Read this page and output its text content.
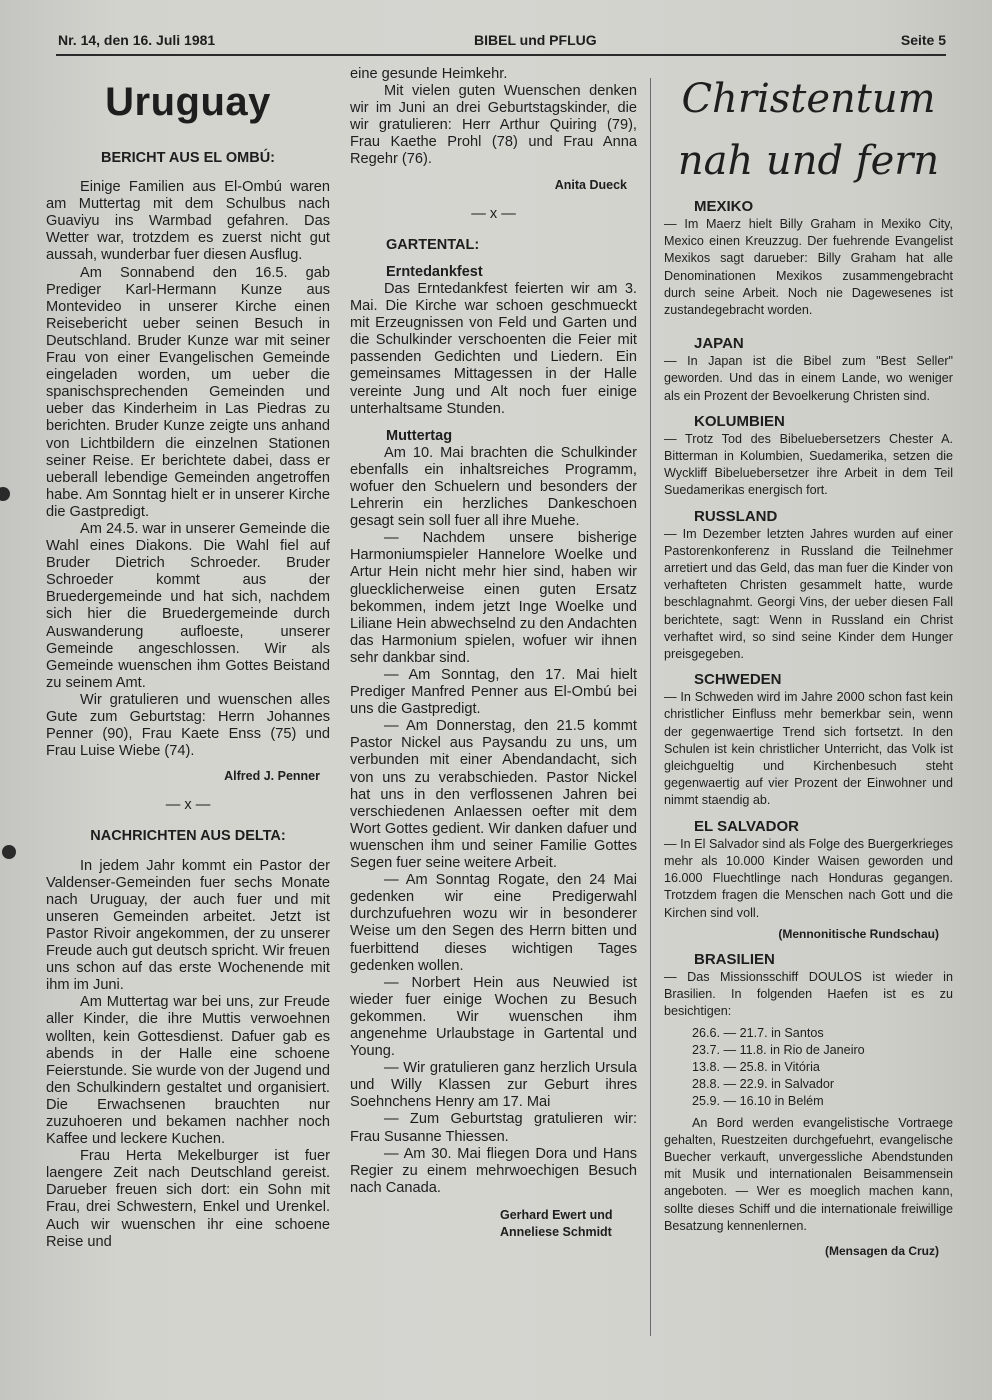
Nr. 14, den 16. Juli 1981	BIBEL und PFLUG	Seite 5
Uruguay
BERICHT AUS EL OMBÚ:

Einige Familien aus El-Ombú waren am Muttertag mit dem Schulbus nach Guaviyu ins Warmbad gefahren. Das Wetter war, trotzdem es zuerst nicht gut aussah, wunderbar fuer diesen Ausflug.

Am Sonnabend den 16.5. gab Prediger Karl-Hermann Kunze aus Montevideo in unserer Kirche einen Reisebericht ueber seinen Besuch in Deutschland. Bruder Kunze war mit seiner Frau von einer Evangelischen Gemeinde eingeladen worden, um ueber die spanischsprechenden Gemeinden und ueber das Kinderheim in Las Piedras zu berichten. Bruder Kunze zeigte uns anhand von Lichtbildern die einzelnen Stationen seiner Reise. Er berichtete dabei, dass er ueberall lebendige Gemeinden angetroffen habe. Am Sonntag hielt er in unserer Kirche die Gastpredigt.

Am 24.5. war in unserer Gemeinde die Wahl eines Diakons. Die Wahl fiel auf Bruder Dietrich Schroeder. Bruder Schroeder kommt aus der Bruedergemeinde und hat sich, nachdem sich hier die Bruedergemeinde durch Auswanderung aufloeste, unserer Gemeinde angeschlossen. Wir als Gemeinde wuenschen ihm Gottes Beistand zu seinem Amt.

Wir gratulieren und wuenschen alles Gute zum Geburtstag: Herrn Johannes Penner (90), Frau Kaete Enss (75) und Frau Luise Wiebe (74).

Alfred J. Penner
— x —
NACHRICHTEN AUS DELTA:

In jedem Jahr kommt ein Pastor der Valdenser-Gemeinden fuer sechs Monate nach Uruguay, der auch fuer und mit unseren Gemeinden arbeitet. Jetzt ist Pastor Rivoir angekommen, der zu unserer Freude auch gut deutsch spricht. Wir freuen uns schon auf das erste Wochenende mit ihm im Juni.

Am Muttertag war bei uns, zur Freude aller Kinder, die ihre Muttis verwoehnen wollten, kein Gottesdienst. Dafuer gab es abends in der Halle eine schoene Feierstunde. Sie wurde von der Jugend und den Schulkindern gestaltet und organisiert. Die Erwachsenen brauchten nur zuzuhoeren und bekamen nachher noch Kaffee und leckere Kuchen.

Frau Herta Mekelburger ist fuer laengere Zeit nach Deutschland gereist. Darueber freuen sich dort: ein Sohn mit Frau, drei Schwestern, Enkel und Urenkel. Auch wir wuenschen ihr eine schoene Reise und

eine gesunde Heimkehr.

Mit vielen guten Wuenschen denken wir im Juni an drei Geburtstagskinder, die wir gratulieren: Herr Arthur Quiring (79), Frau Kaethe Prohl (78) und Frau Anna Regehr (76).

Anita Dueck
— x —
GARTENTAL:
Erntedankfest

Das Erntedankfest feierten wir am 3. Mai. Die Kirche war schoen geschmueckt mit Erzeugnissen von Feld und Garten und die Schulkinder verschoenten die Feier mit passenden Gedichten und Liedern. Ein gemeinsames Mittagessen in der Halle vereinte Jung und Alt noch fuer einige unterhaltsame Stunden.

Muttertag

Am 10. Mai brachten die Schulkinder ebenfalls ein inhaltsreiches Programm, wofuer den Schuelern und besonders der Lehrerin ein herzliches Dankeschoen gesagt sein soll fuer all ihre Muehe.

— Nachdem unsere bisherige Harmoniumspieler Hannelore Woelke und Artur Hein nicht mehr hier sind, haben wir gluecklicherweise einen guten Ersatz bekommen, indem jetzt Inge Woelke und Liliane Hein abwechselnd zu den Andachten das Harmonium spielen, wofuer wir ihnen sehr dankbar sind.

— Am Sonntag, den 17. Mai hielt Prediger Manfred Penner aus El-Ombú bei uns die Gastpredigt.

— Am Donnerstag, den 21.5 kommt Pastor Nickel aus Paysandu zu uns, um verbunden mit einer Abendandacht, sich von uns zu verabschieden. Pastor Nickel hat uns in den verflossenen Jahren bei verschiedenen Anlaessen oefter mit dem Wort Gottes gedient. Wir danken dafuer und wuenschen ihm und seiner Familie Gottes Segen fuer seine weitere Arbeit.

— Am Sonntag Rogate, den 24 Mai gedenken wir eine Predigerwahl durchzufuehren wozu wir in besonderer Weise um den Segen des Herrn bitten und fuerbittend dieses wichtigen Tages gedenken wollen.

— Norbert Hein aus Neuwied ist wieder fuer einige Wochen zu Besuch gekommen. Wir wuenschen ihm angenehme Urlaubstage in Gartental und Young.

— Wir gratulieren ganz herzlich Ursula und Willy Klassen zur Geburt ihres Soehnchens Henry am 17. Mai

— Zum Geburtstag gratulieren wir: Frau Susanne Thiessen.

— Am 30. Mai fliegen Dora und Hans Regier zu einem mehrwoechigen Besuch nach Canada.

Gerhard Ewert und
Anneliese Schmidt
Christentum
nah und fern
MEXIKO

— Im Maerz hielt Billy Graham in Mexiko City, Mexico einen Kreuzzug. Der fuehrende Evangelist Mexikos sagt darueber: Billy Graham hat alle Denominationen Mexikos zusammengebracht durch seine Arbeit. Noch nie Dagewesenes ist zustandegebracht worden.

JAPAN

— In Japan ist die Bibel zum "Best Seller" geworden. Und das in einem Lande, wo weniger als ein Prozent der Bevoelkerung Christen sind.

KOLUMBIEN

— Trotz Tod des Bibeluebersetzers Chester A. Bitterman in Kolumbien, Suedamerika, setzen die Wyckliff Bibeluebersetzer ihre Arbeit in dem Teil Suedamerikas energisch fort.

RUSSLAND

— Im Dezember letzten Jahres wurden auf einer Pastorenkonferenz in Russland die Teilnehmer arretiert und das Geld, das man fuer die Kinder von verhafteten Christen gesammelt hatte, wurde beschlagnahmt. Georgi Vins, der ueber diesen Fall berichtete, sagt: Wenn in Russland ein Christ verhaftet wird, so sind seine Kinder dem Hunger preisgegeben.

SCHWEDEN

— In Schweden wird im Jahre 2000 schon fast kein christlicher Einfluss mehr bemerkbar sein, wenn der gegenwaertige Trend sich fortsetzt. In den Schulen ist kein christlicher Unterricht, das Volk ist gleichgueltig und Kirchenbesuch steht gegenwaertig auf vier Prozent der Einwohner und nimmt staendig ab.

EL SALVADOR

— In El Salvador sind als Folge des Buergerkrieges mehr als 10.000 Kinder Waisen geworden und 16.000 Fluechtlinge nach Honduras gegangen. Trotzdem fragen die Menschen nach Gott und die Kirchen sind voll.

(Mennonitische Rundschau)
BRASILIEN

— Das Missionsschiff DOULOS ist wieder in Brasilien. In folgenden Haefen ist es zu besichtigen:

26.6. — 21.7. in Santos
23.7. — 11.8. in Rio de Janeiro
13.8. — 25.8. in Vitória
28.8. — 22.9. in Salvador
25.9. — 16.10 in Belém

An Bord werden evangelistische Vortraege gehalten, Ruestzeiten durchgefuehrt, evangelische Buecher verkauft, unvergessliche Abendstunden mit Musik und internationalen Beisammensein angeboten. — Wer es moeglich machen kann, sollte dieses Schiff und die internationale freiwillige Besatzung kennenlernen.

(Mensagen da Cruz)
